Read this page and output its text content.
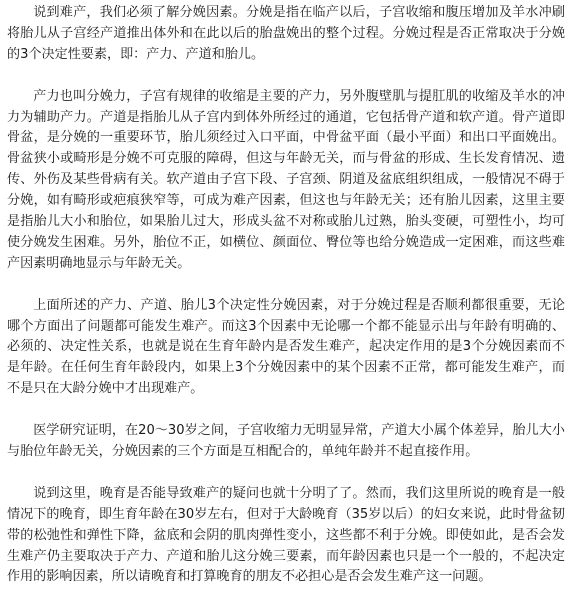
说到难产，我们必须了解分娩因素。分娩是指在临产以后，子宫收缩和腹压增加及羊水冲刷将胎儿从子宫经产道推出体外和在此以后的胎盘娩出的整个过程。分娩过程是否正常取决于分娩的3个决定性要素，即：产力、产道和胎儿。

产力也叫分娩力，子宫有规律的收缩是主要的产力，另外腹壁肌与提肛肌的收缩及羊水的冲力为辅助产力。产道是指胎儿从子宫内到体外所经过的通道，它包括骨产道和软产道。骨产道即骨盆，是分娩的一重要环节，胎儿须经过入口平面，中骨盆平面（最小平面）和出口平面娩出。骨盆狭小或畸形是分娩不可克服的障碍，但这与年龄无关，而与骨盆的形成、生长发育情况、遗传、外伤及某些骨病有关。软产道由子宫下段、子宫颈、阴道及盆底组织组成，一般情况不碍于分娩，如有畸形或疤痕狭窄等，可成为难产因素，但这也与年龄无关；还有胎儿因素，这里主要是指胎儿大小和胎位，如果胎儿过大，形成头盆不对称或胎儿过熟，胎头变硬，可塑性小，均可使分娩发生困难。另外，胎位不正，如横位、颜面位、臀位等也给分娩造成一定困难，而这些难产因素明确地显示与年龄无关。

上面所述的产力、产道、胎儿3个决定性分娩因素，对于分娩过程是否顺利都很重要，无论哪个方面出了问题都可能发生难产。而这3个因素中无论哪一个都不能显示出与年龄有明确的、必须的、决定性关系，也就是说在生育年龄内是否发生难产，起决定作用的是3个分娩因素而不是年龄。在任何生育年龄段内，如果上3个分娩因素中的某个因素不正常，都可能发生难产，而不是只在大龄分娩中才出现难产。

医学研究证明，在20～30岁之间，子宫收缩力无明显异常，产道大小属个体差异，胎儿大小与胎位年龄无关，分娩因素的三个方面是互相配合的，单纯年龄并不起直接作用。

说到这里，晚育是否能导致难产的疑问也就十分明了了。然而，我们这里所说的晚育是一般情况下的晚育，即生育年龄在30岁左右，但对于大龄晚育（35岁以后）的妇女来说，此时骨盆韧带的松弛性和弹性下降，盆底和会阴的肌肉弹性变小，这些都不利于分娩。即使如此，是否会发生难产仍主要取决于产力、产道和胎儿这分娩三要素，而年龄因素也只是一个一般的，不起决定作用的影响因素，所以请晚育和打算晚育的朋友不必担心是否会发生难产这一问题。
